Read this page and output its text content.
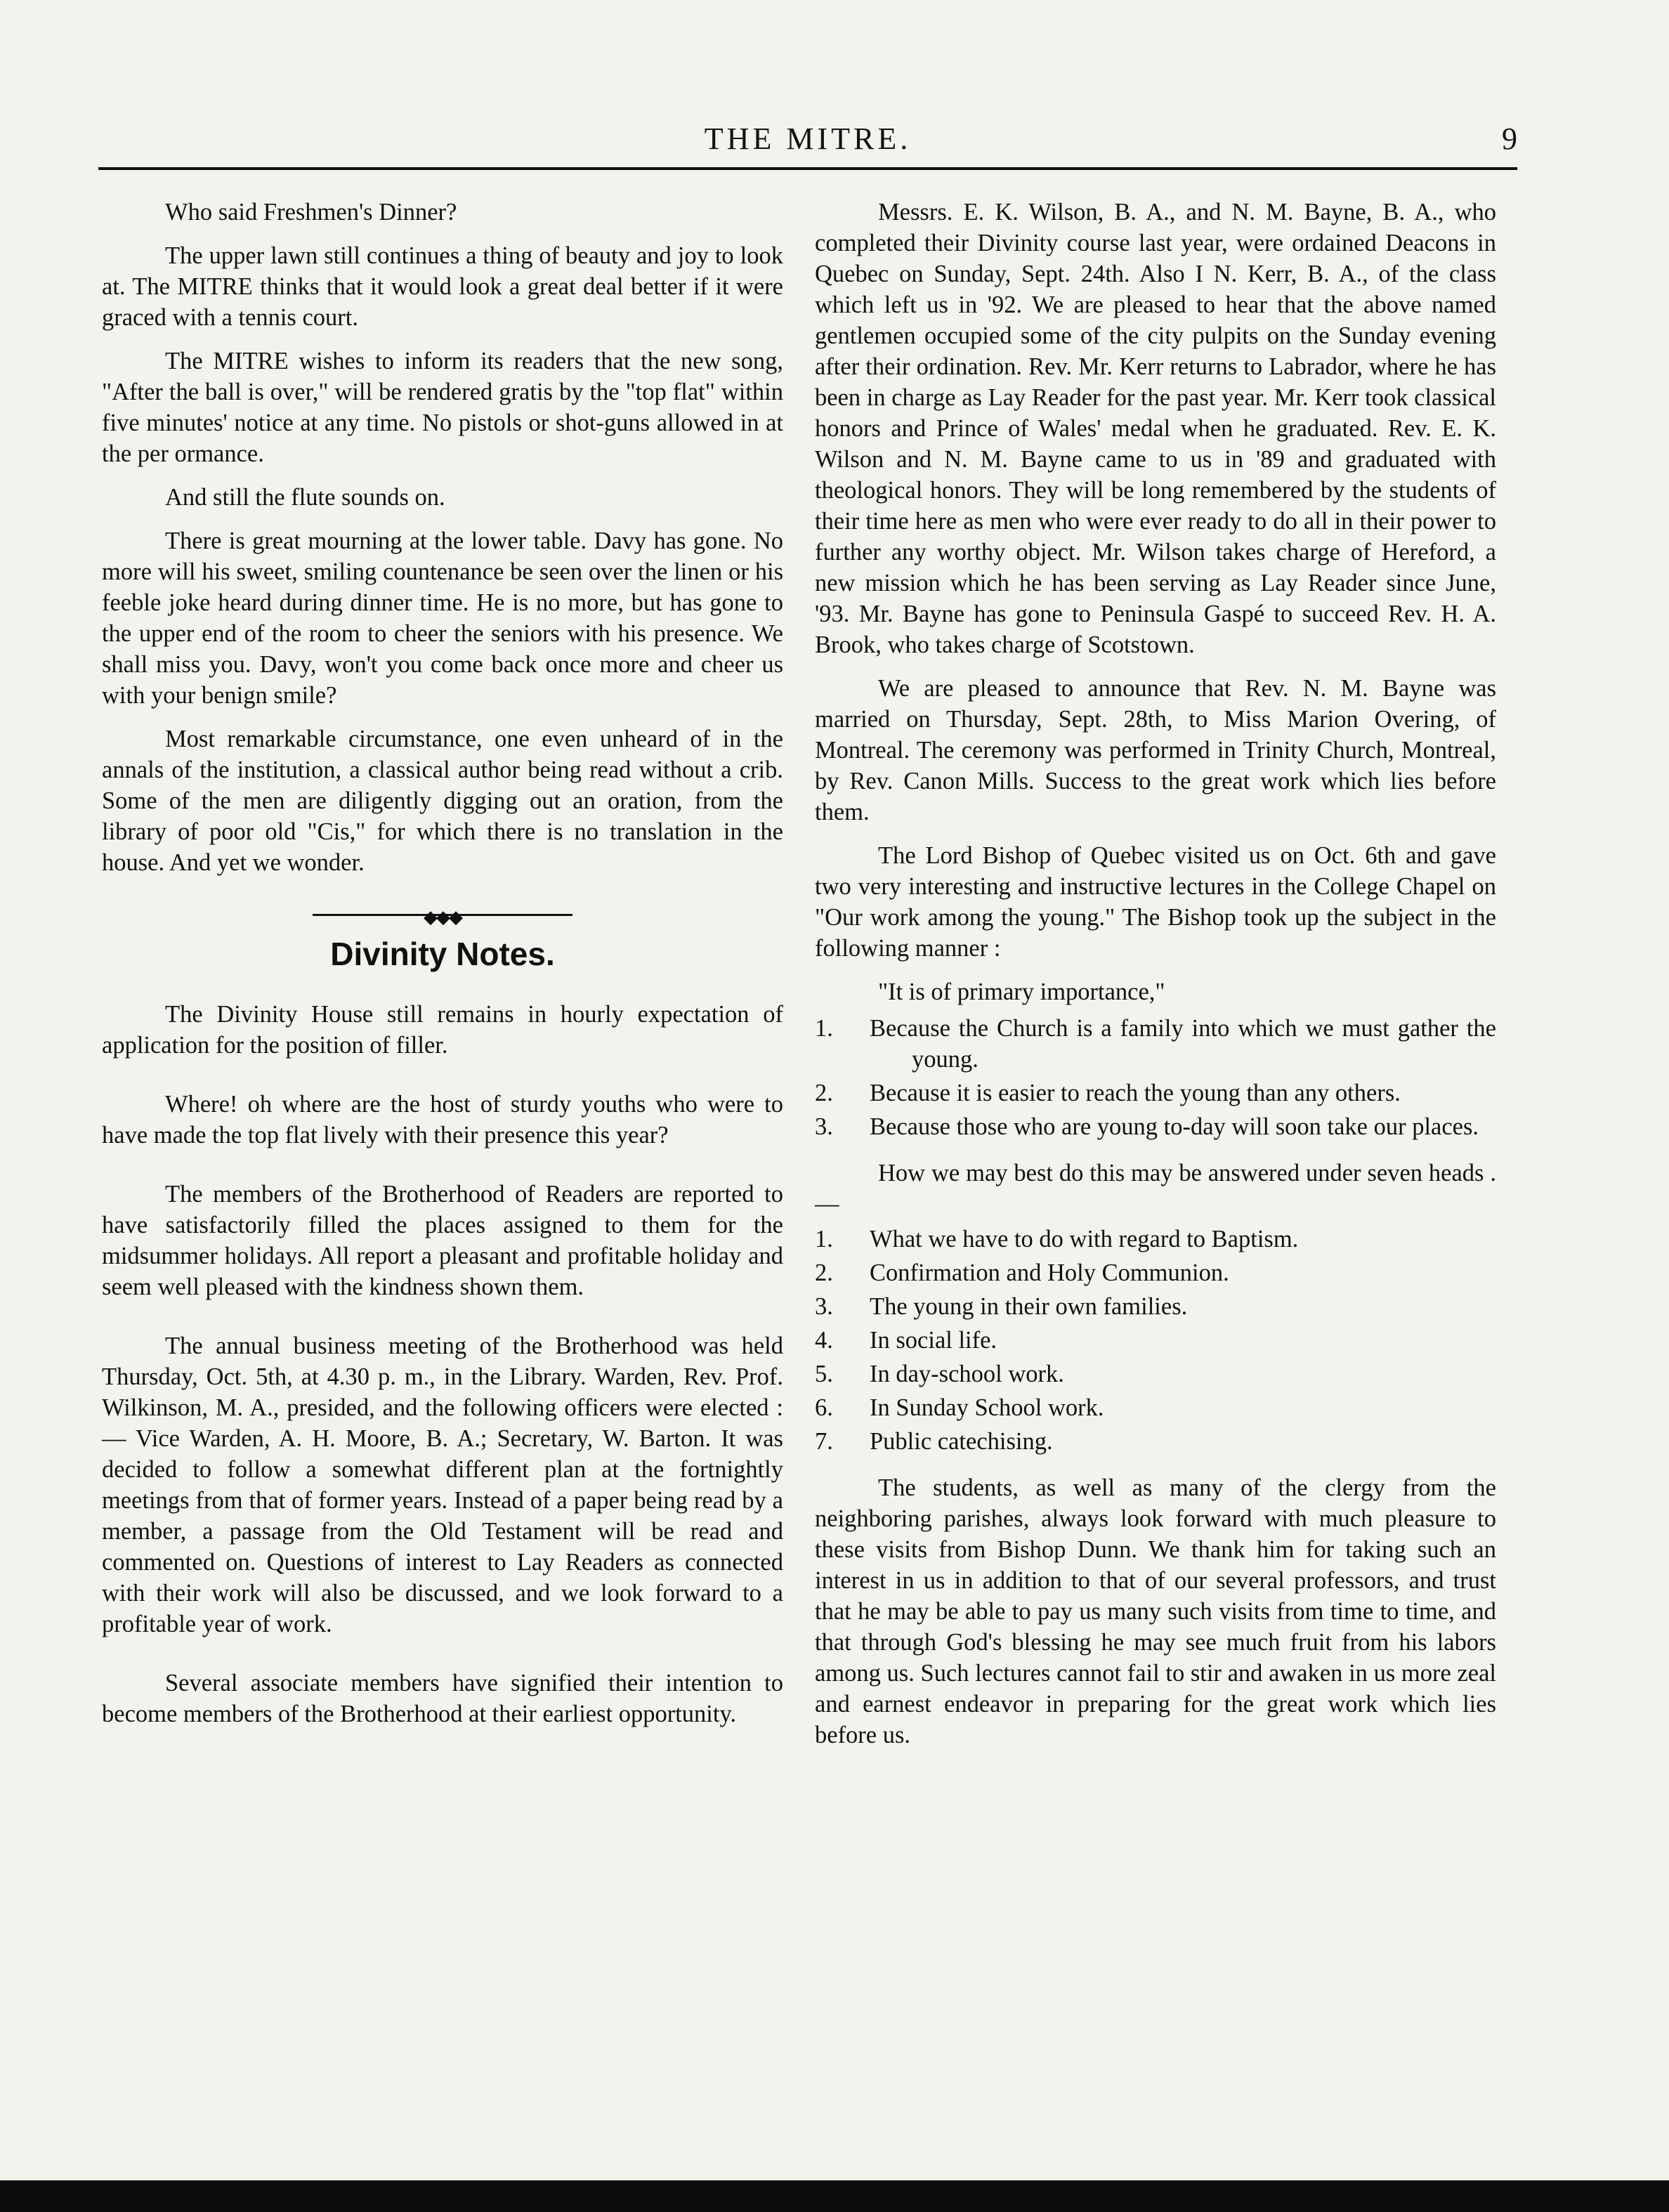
THE MITRE.	9

Who said Freshmen's Dinner?

The upper lawn still continues a thing of beauty and joy to look at. The MITRE thinks that it would look a great deal better if it were graced with a tennis court.

The MITRE wishes to inform its readers that the new song, "After the ball is over," will be rendered gratis by the "top flat" within five minutes' notice at any time. No pistols or shot-guns allowed in at the per ormance.

And still the flute sounds on.

There is great mourning at the lower table. Davy has gone. No more will his sweet, smiling countenance be seen over the linen or his feeble joke heard during dinner time. He is no more, but has gone to the upper end of the room to cheer the seniors with his presence. We shall miss you. Davy, won't you come back once more and cheer us with your benign smile?

Most remarkable circumstance, one even unheard of in the annals of the institution, a classical author being read without a crib. Some of the men are diligently digging out an oration, from the library of poor old "Cis," for which there is no translation in the house. And yet we wonder.

◆◆◆
Divinity Notes.

The Divinity House still remains in hourly expectation of application for the position of filler.

Where! oh where are the host of sturdy youths who were to have made the top flat lively with their presence this year?

The members of the Brotherhood of Readers are reported to have satisfactorily filled the places assigned to them for the midsummer holidays. All report a pleasant and profitable holiday and seem well pleased with the kindness shown them.

The annual business meeting of the Brotherhood was held Thursday, Oct. 5th, at 4.30 p. m., in the Library. Warden, Rev. Prof. Wilkinson, M. A., presided, and the following officers were elected :— Vice Warden, A. H. Moore, B. A.; Secretary, W. Barton. It was decided to follow a somewhat different plan at the fortnightly meetings from that of former years. Instead of a paper being read by a member, a passage from the Old Testament will be read and commented on. Questions of interest to Lay Readers as connected with their work will also be discussed, and we look forward to a profitable year of work.

Several associate members have signified their intention to become members of the Brotherhood at their earliest opportunity.

Messrs. E. K. Wilson, B. A., and N. M. Bayne, B. A., who completed their Divinity course last year, were ordained Deacons in Quebec on Sunday, Sept. 24th. Also I N. Kerr, B. A., of the class which left us in '92. We are pleased to hear that the above named gentlemen occupied some of the city pulpits on the Sunday evening after their ordination. Rev. Mr. Kerr returns to Labrador, where he has been in charge as Lay Reader for the past year. Mr. Kerr took classical honors and Prince of Wales' medal when he graduated. Rev. E. K. Wilson and N. M. Bayne came to us in '89 and graduated with theological honors. They will be long remembered by the students of their time here as men who were ever ready to do all in their power to further any worthy object. Mr. Wilson takes charge of Hereford, a new mission which he has been serving as Lay Reader since June, '93. Mr. Bayne has gone to Peninsula Gaspé to succeed Rev. H. A. Brook, who takes charge of Scotstown.

We are pleased to announce that Rev. N. M. Bayne was married on Thursday, Sept. 28th, to Miss Marion Overing, of Montreal. The ceremony was performed in Trinity Church, Montreal, by Rev. Canon Mills. Success to the great work which lies before them.

The Lord Bishop of Quebec visited us on Oct. 6th and gave two very interesting and instructive lectures in the College Chapel on "Our work among the young." The Bishop took up the subject in the following manner :

"It is of primary importance,"
1. Because the Church is a family into which we must gather the young.
2. Because it is easier to reach the young than any others.
3. Because those who are young to-day will soon take our places.

How we may best do this may be answered under seven heads .—

1. What we have to do with regard to Baptism.
2. Confirmation and Holy Communion.
3. The young in their own families.
4. In social life.
5. In day-school work.
6. In Sunday School work.
7. Public catechising.

The students, as well as many of the clergy from the neighboring parishes, always look forward with much pleasure to these visits from Bishop Dunn. We thank him for taking such an interest in us in addition to that of our several professors, and trust that he may be able to pay us many such visits from time to time, and that through God's blessing he may see much fruit from his labors among us. Such lectures cannot fail to stir and awaken in us more zeal and earnest endeavor in preparing for the great work which lies before us.
